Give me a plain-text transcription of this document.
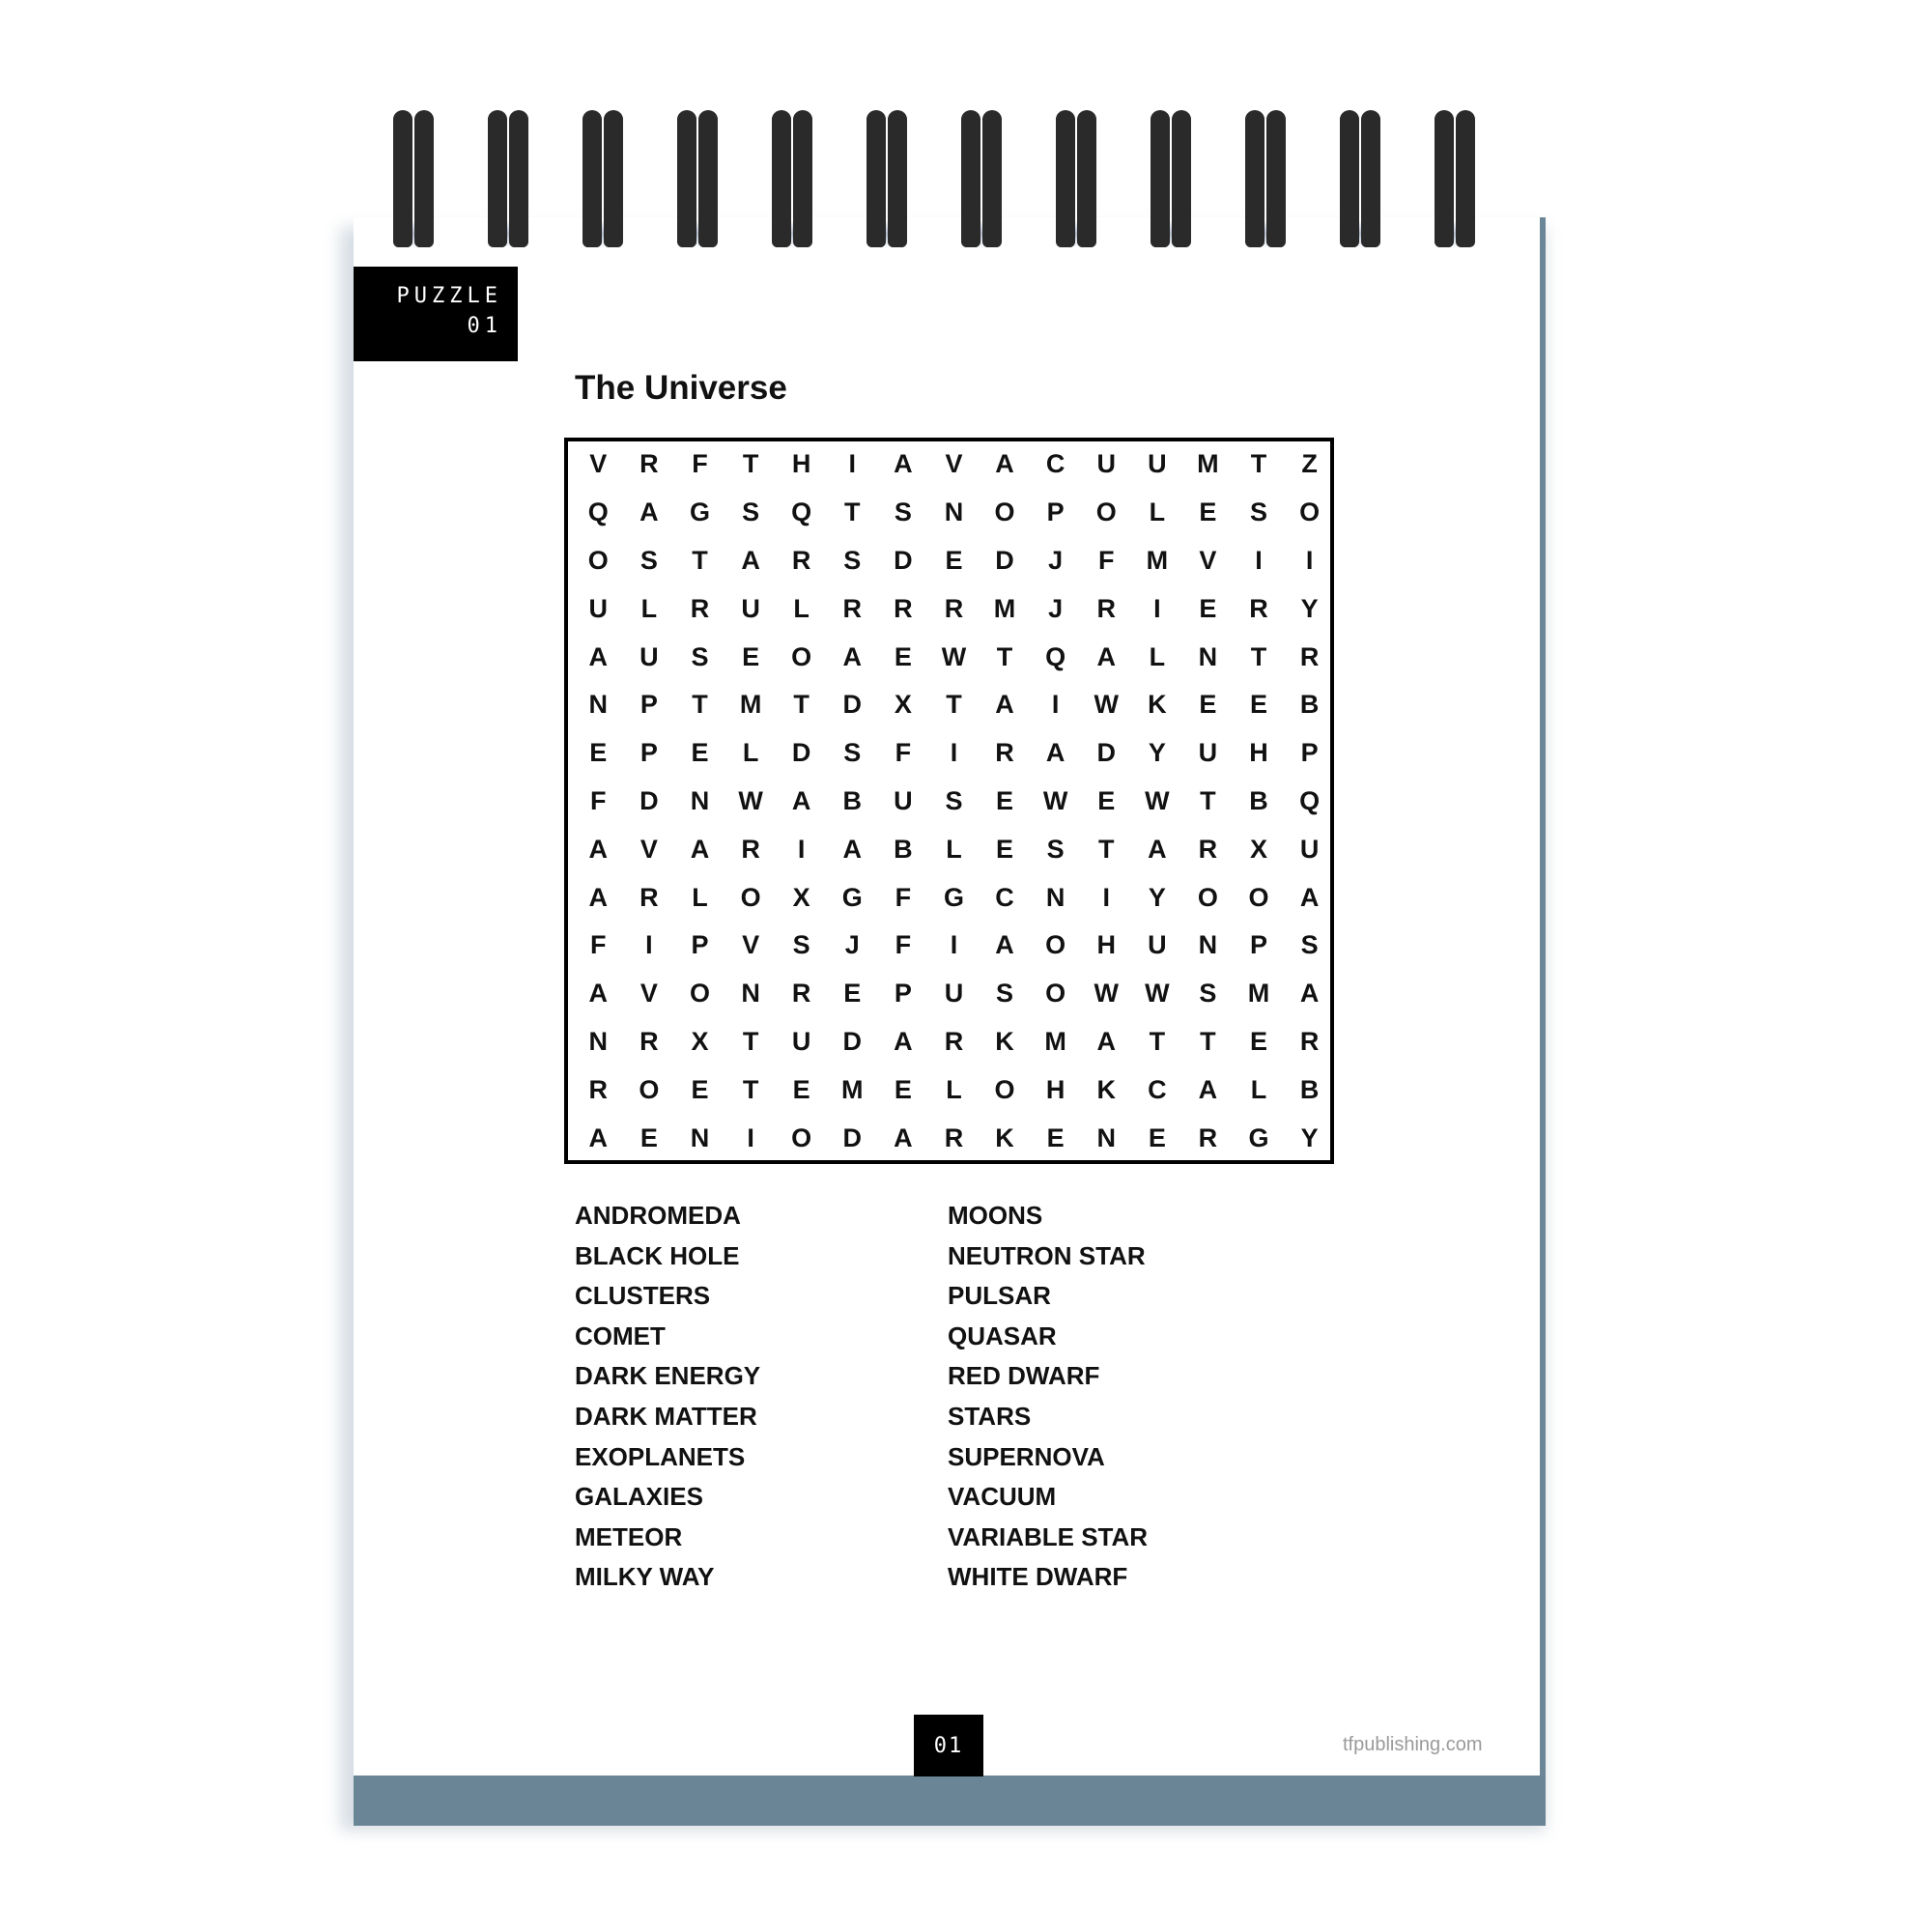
PUZZLE
01
The Universe
V	R	F	T	H	I	A	V	A	C	U	U	M	T	Z
Q	A	G	S	Q	T	S	N	O	P	O	L	E	S	O
O	S	T	A	R	S	D	E	D	J	F	M	V	I	I
U	L	R	U	L	R	R	R	M	J	R	I	E	R	Y
A	U	S	E	O	A	E	W	T	Q	A	L	N	T	R
N	P	T	M	T	D	X	T	A	I	W	K	E	E	B
E	P	E	L	D	S	F	I	R	A	D	Y	U	H	P
F	D	N	W	A	B	U	S	E	W	E	W	T	B	Q
A	V	A	R	I	A	B	L	E	S	T	A	R	X	U
A	R	L	O	X	G	F	G	C	N	I	Y	O	O	A
F	I	P	V	S	J	F	I	A	O	H	U	N	P	S
A	V	O	N	R	E	P	U	S	O	W	W	S	M	A
N	R	X	T	U	D	A	R	K	M	A	T	T	E	R
R	O	E	T	E	M	E	L	O	H	K	C	A	L	B
A	E	N	I	O	D	A	R	K	E	N	E	R	G	Y
ANDROMEDA
BLACK HOLE
CLUSTERS
COMET
DARK ENERGY
DARK MATTER
EXOPLANETS
GALAXIES
METEOR
MILKY WAY
MOONS
NEUTRON STAR
PULSAR
QUASAR
RED DWARF
STARS
SUPERNOVA
VACUUM
VARIABLE STAR
WHITE DWARF
01	tfpublishing.com
